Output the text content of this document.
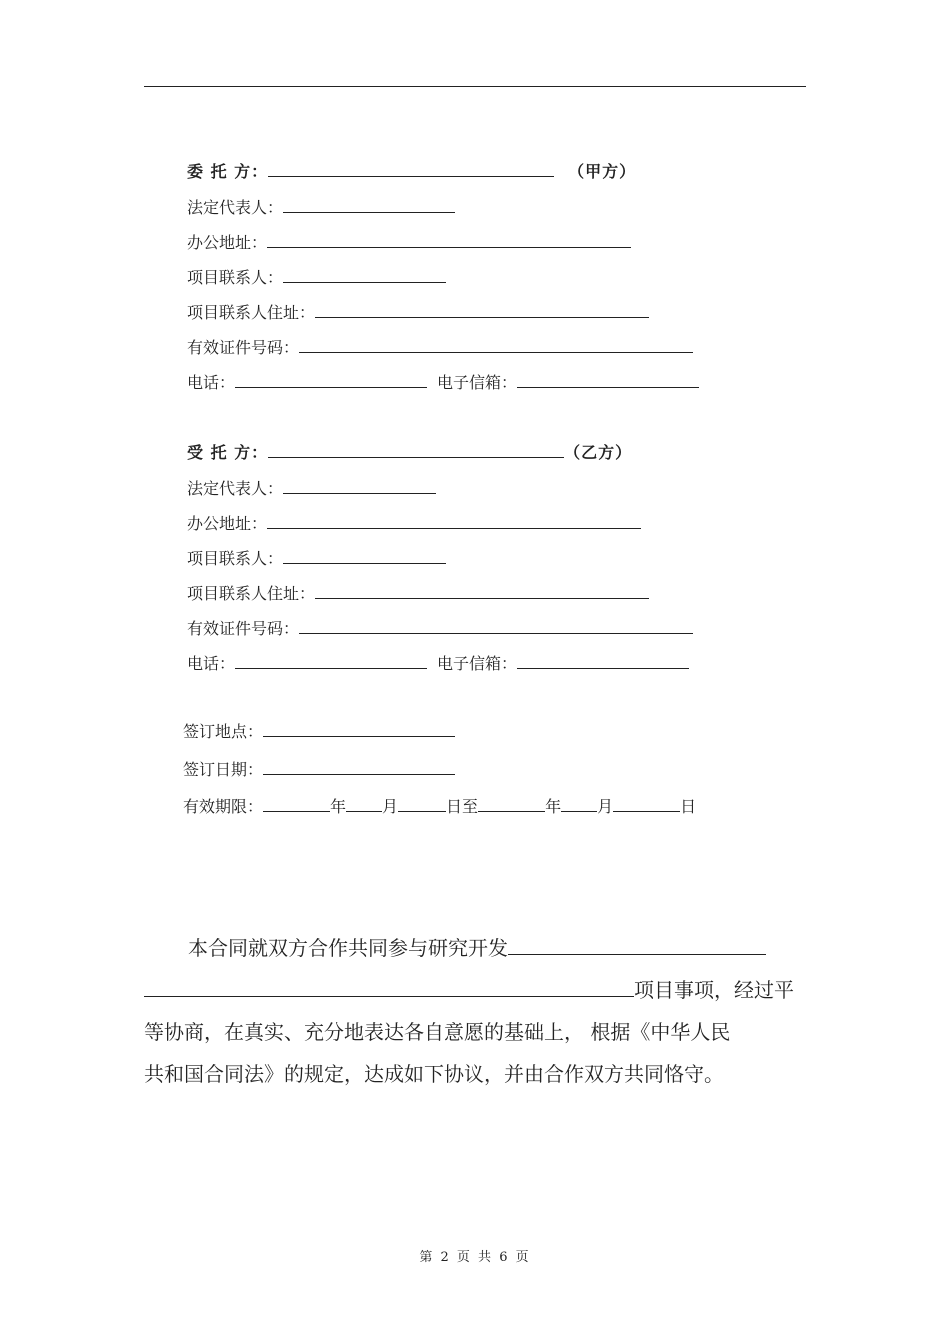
委 托 方：	（甲方）
法定代表人：
办公地址：
项目联系人：
项目联系人住址：
有效证件号码：
电话：	电子信箱：
受 托 方：	（乙方）
法定代表人：
办公地址：
项目联系人：
项目联系人住址：
有效证件号码：
电话：	电子信箱：
签订地点：
签订日期：
有效期限：	年 月	日至	年 月	日
本合同就双方合作共同参与研究开发
项目事项，经过平
等协商，在真实、充分地表达各自意愿的基础上， 根据《中华人民
共和国合同法》的规定，达成如下协议，并由合作双方共同恪守。
第 2 页 共 6 页
